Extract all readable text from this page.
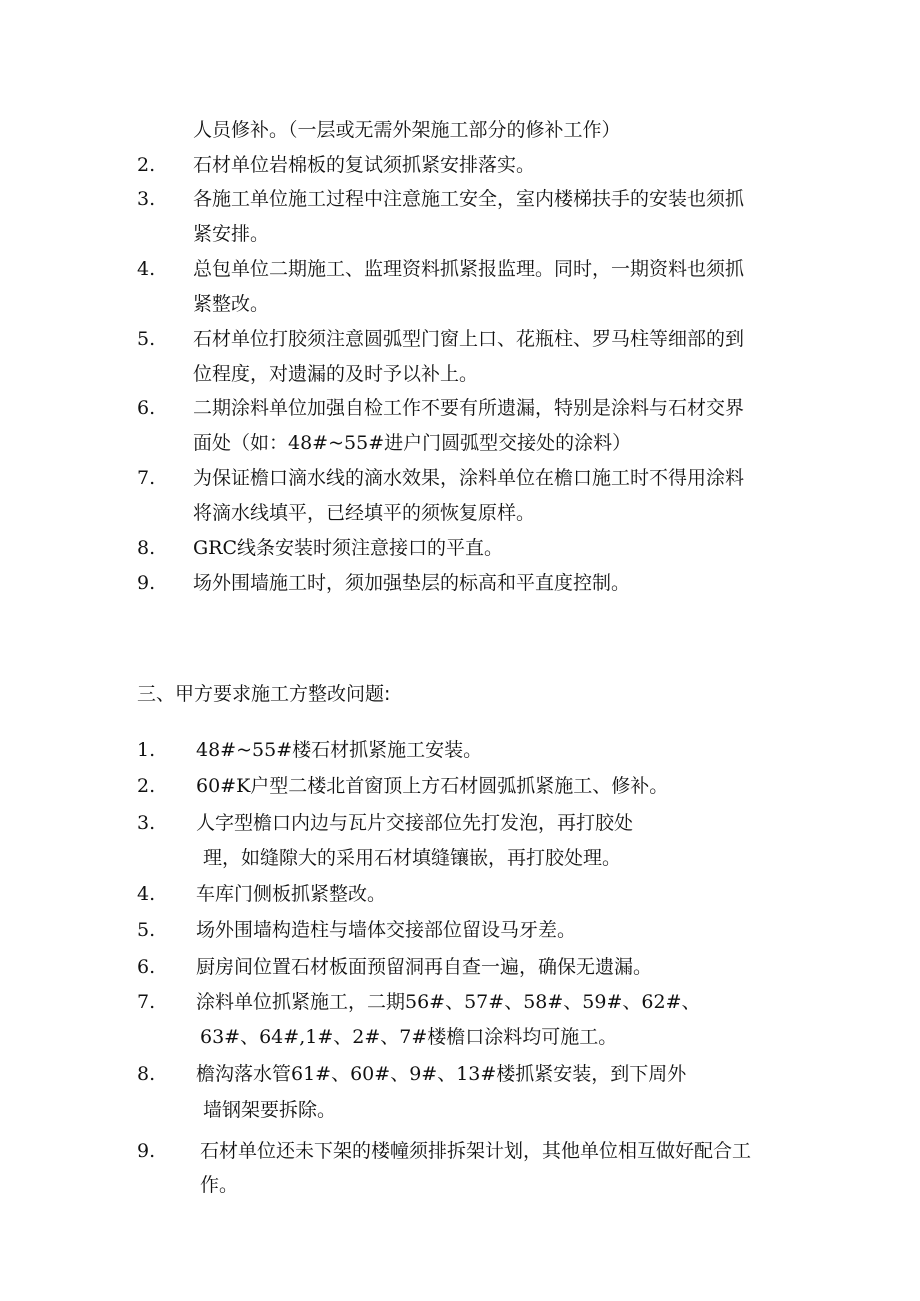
人员修补。（一层或无需外架施工部分的修补工作）
2. 石材单位岩棉板的复试须抓紧安排落实。
3. 各施工单位施工过程中注意施工安全，室内楼梯扶手的安装也须抓
紧安排。
4. 总包单位二期施工、监理资料抓紧报监理。同时，一期资料也须抓
紧整改。
5. 石材单位打胶须注意圆弧型门窗上口、花瓶柱、罗马柱等细部的到
位程度，对遗漏的及时予以补上。
6. 二期涂料单位加强自检工作不要有所遗漏，特别是涂料与石材交界
面处（如：48#~55#进户门圆弧型交接处的涂料）
7. 为保证檐口滴水线的滴水效果，涂料单位在檐口施工时不得用涂料
将滴水线填平，已经填平的须恢复原样。
8. GRC线条安装时须注意接口的平直。
9. 场外围墙施工时，须加强垫层的标高和平直度控制。
三、甲方要求施工方整改问题:
1. 48#~55#楼石材抓紧施工安装。
2. 60#K户型二楼北首窗顶上方石材圆弧抓紧施工、修补。
3. 人字型檐口内边与瓦片交接部位先打发泡，再打胶处
理，如缝隙大的采用石材填缝镶嵌，再打胶处理。
4. 车库门侧板抓紧整改。
5. 场外围墙构造柱与墙体交接部位留设马牙差。
6. 厨房间位置石材板面预留洞再自查一遍，确保无遗漏。
7. 涂料单位抓紧施工，二期56#、57#、58#、59#、62#、
63#、64#,1#、2#、7#楼檐口涂料均可施工。
8. 檐沟落水管61#、60#、9#、13#楼抓紧安装，到下周外
墙钢架要拆除。
9. 石材单位还未下架的楼幢须排拆架计划，其他单位相互做好配合工
作。
